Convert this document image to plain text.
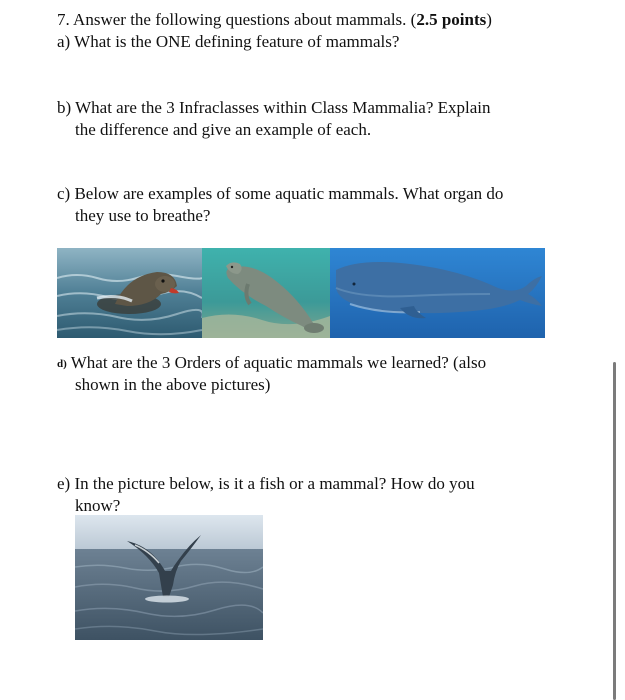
7. Answer the following questions about mammals. (2.5 points)
a) What is the ONE defining feature of mammals?
b) What are the 3 Infraclasses within Class Mammalia? Explain
the difference and give an example of each.
c) Below are examples of some aquatic mammals. What organ do
they use to breathe?
d) What are the 3 Orders of aquatic mammals we learned? (also
shown in the above pictures)
e) In the picture below, is it a fish or a mammal? How do you
know?
